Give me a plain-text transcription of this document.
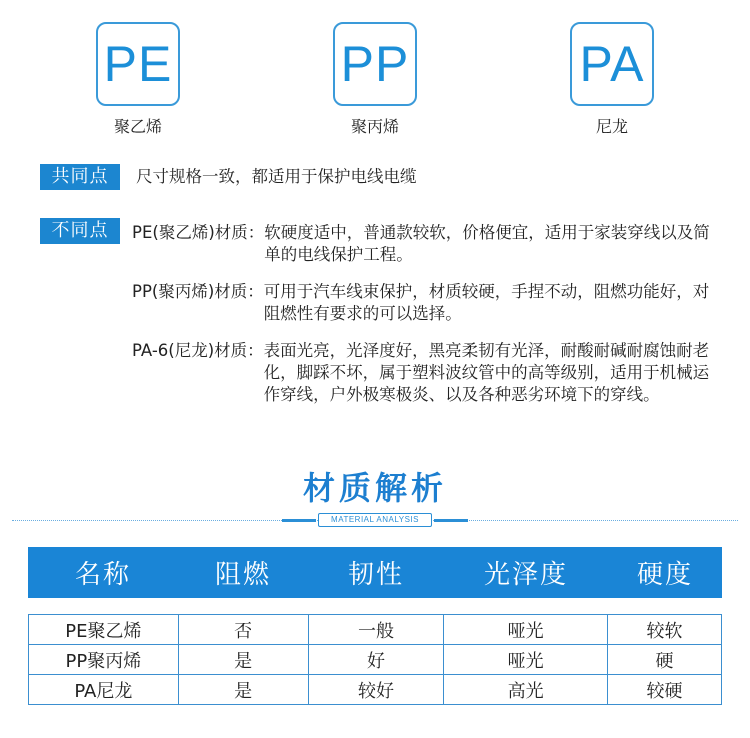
PE
聚乙烯
PP
聚丙烯
PA
尼龙
共同点	尺寸规格一致，都适用于保护电线电缆
不同点	PE(聚乙烯)材质： 软硬度适中，普通款较软，价格便宜，适用于家装穿线以及简单的电线保护工程。
PP(聚丙烯)材质： 可用于汽车线束保护，材质较硬，手捏不动，阻燃功能好，对阻燃性有要求的可以选择。
PA-6(尼龙)材质： 表面光亮，光泽度好，黑亮柔韧有光泽，耐酸耐碱耐腐蚀耐老化，脚踩不坏，属于塑料波纹管中的高等级别，适用于机械运作穿线，户外极寒极炎、以及各种恶劣环境下的穿线。
材质解析
MATERIAL ANALYSIS
名称	阻燃	韧性	光泽度	硬度
PE聚乙烯	否	一般	哑光	较软
PP聚丙烯	是	好	哑光	硬
PA尼龙	是	较好	高光	较硬
